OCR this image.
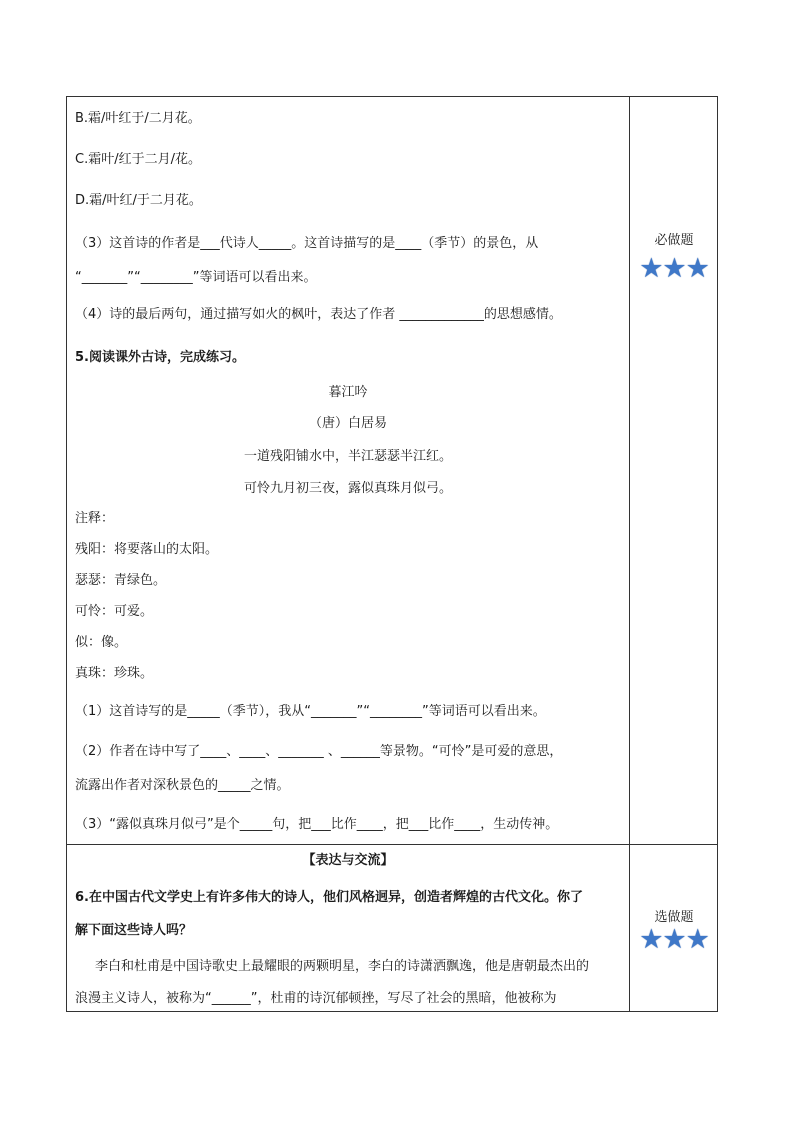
B.霜/叶红于/二月花。
C.霜叶/红于二月/花。
D.霜/叶红/于二月花。
（3）这首诗的作者是___代诗人_____。这首诗描写的是____（季节）的景色，从
“_______”“________”等词语可以看出来。
（4）诗的最后两句，通过描写如火的枫叶，表达了作者 _____________的思想感情。
5.阅读课外古诗，完成练习。
暮江吟
（唐）白居易
一道残阳铺水中，半江瑟瑟半江红。
可怜九月初三夜，露似真珠月似弓。
注释：
残阳：将要落山的太阳。
瑟瑟：青绿色。
可怜：可爱。
似：像。
真珠：珍珠。
（1）这首诗写的是_____（季节），我从“_______”“________”等词语可以看出来。
（2）作者在诗中写了____、____、_______ 、______等景物。“可怜”是可爱的意思，
流露出作者对深秋景色的_____之情。
（3）“露似真珠月似弓”是个_____句，把___比作____，把___比作____，生动传神。
必做题
★★★
【表达与交流】
6.在中国古代文学史上有许多伟大的诗人，他们风格迥异，创造者辉煌的古代文化。你了
解下面这些诗人吗？
李白和杜甫是中国诗歌史上最耀眼的两颗明星，李白的诗潇洒飘逸，他是唐朝最杰出的
浪漫主义诗人，被称为“______”，杜甫的诗沉郁顿挫，写尽了社会的黑暗，他被称为
选做题
★★★
